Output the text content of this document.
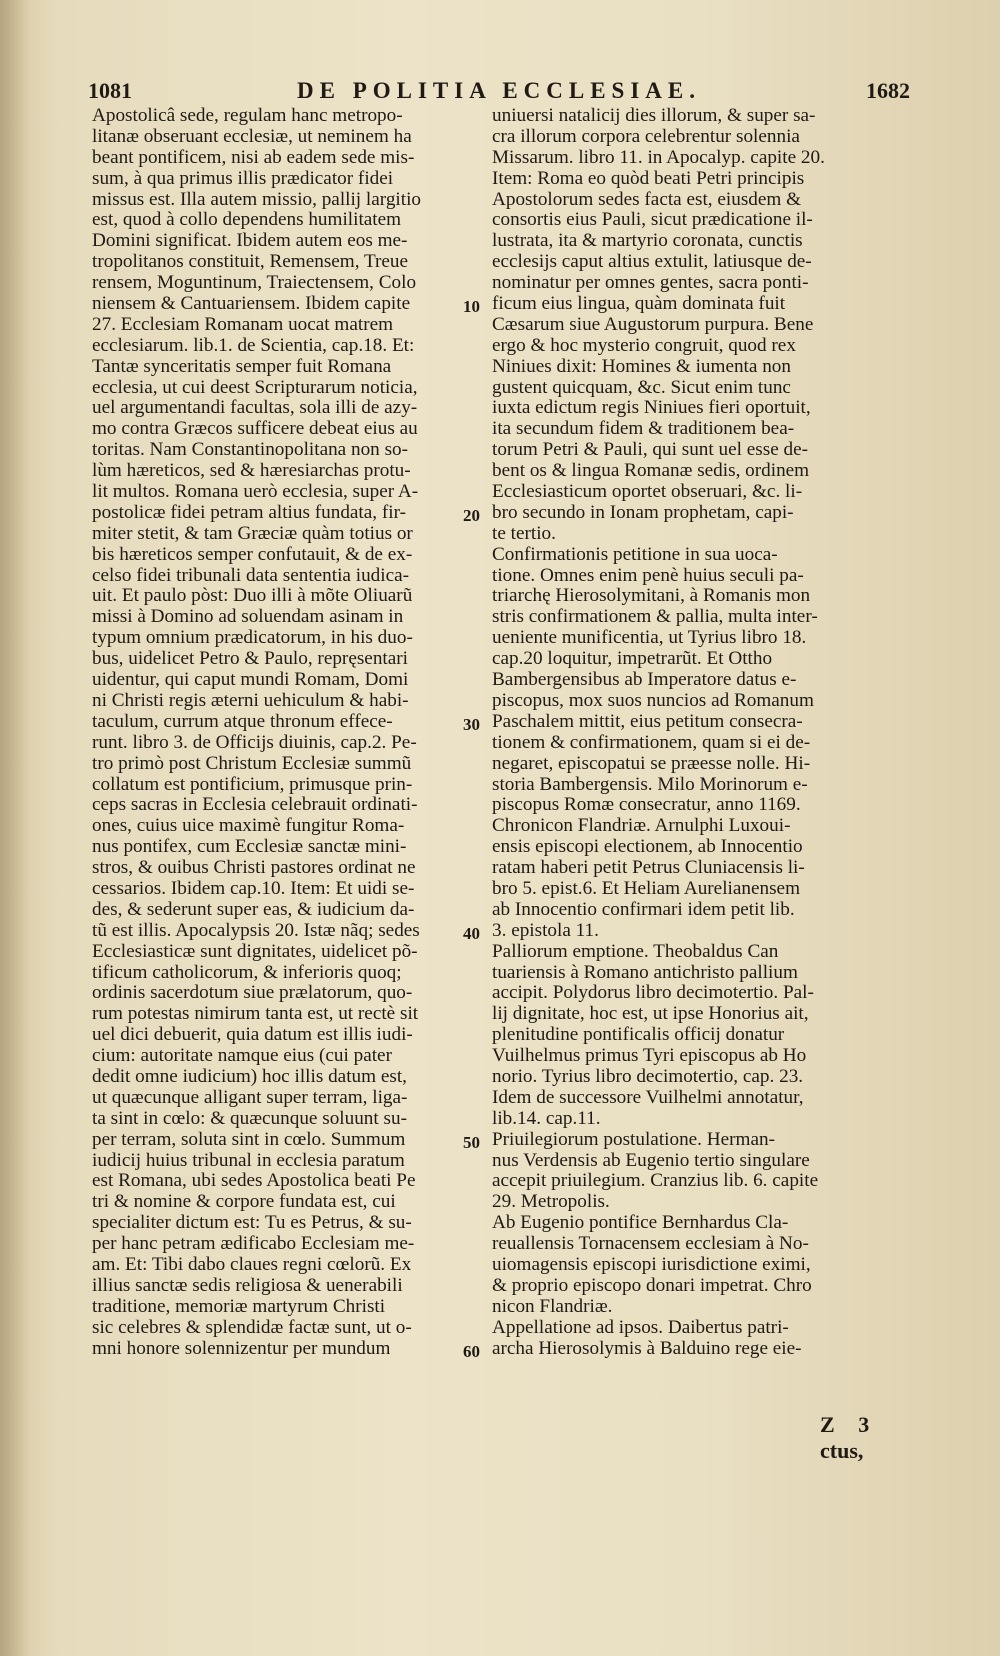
1081	DE POLITIA ECCLESIAE.	1682
Apostolicâ sede, regulam hanc metropo-
litanæ obseruant ecclesiæ, ut neminem ha
beant pontificem, nisi ab eadem sede mis-
sum, à qua primus illis prædicator fidei
missus est. Illa autem missio, pallij largitio
est, quod à collo dependens humilitatem
Domini significat. Ibidem autem eos me-
tropolitanos constituit, Remensem, Treue
rensem, Moguntinum, Traiectensem, Colo
niensem & Cantuariensem. Ibidem capite
27. Ecclesiam Romanam uocat matrem
ecclesiarum. lib.1. de Scientia, cap.18. Et:
Tantæ synceritatis semper fuit Romana
ecclesia, ut cui deest Scripturarum noticia,
uel argumentandi facultas, sola illi de azy-
mo contra Græcos sufficere debeat eius au
toritas. Nam Constantinopolitana non so-
lùm hæreticos, sed & hæresiarchas protu-
lit multos. Romana uerò ecclesia, super A-
postolicæ fidei petram altius fundata, fir-
miter stetit, & tam Græciæ quàm totius or
bis hæreticos semper confutauit, & de ex-
celso fidei tribunali data sententia iudica-
uit. Et paulo pòst: Duo illi à mõte Oliuarũ
missi à Domino ad soluendam asinam in
typum omnium prædicatorum, in his duo-
bus, uidelicet Petro & Paulo, repręsentari
uidentur, qui caput mundi Romam, Domi
ni Christi regis æterni uehiculum & habi-
taculum, currum atque thronum effece-
runt. libro 3. de Officijs diuinis, cap.2. Pe-
tro primò post Christum Ecclesiæ summũ
collatum est pontificium, primusque prin-
ceps sacras in Ecclesia celebrauit ordinati-
ones, cuius uice maximè fungitur Roma-
nus pontifex, cum Ecclesiæ sanctæ mini-
stros, & ouibus Christi pastores ordinat ne
cessarios. Ibidem cap.10. Item: Et uidi se-
des, & sederunt super eas, & iudicium da-
tũ est illis. Apocalypsis 20. Istæ nãq; sedes
Ecclesiasticæ sunt dignitates, uidelicet põ-
tificum catholicorum, & inferioris quoq;
ordinis sacerdotum siue prælatorum, quo-
rum potestas nimirum tanta est, ut rectè sit
uel dici debuerit, quia datum est illis iudi-
cium: autoritate namque eius (cui pater
dedit omne iudicium) hoc illis datum est,
ut quæcunque alligant super terram, liga-
ta sint in cœlo: & quæcunque soluunt su-
per terram, soluta sint in cœlo. Summum
iudicij huius tribunal in ecclesia paratum
est Romana, ubi sedes Apostolica beati Pe
tri & nomine & corpore fundata est, cui
specialiter dictum est: Tu es Petrus, & su-
per hanc petram ædificabo Ecclesiam me-
am. Et: Tibi dabo claues regni cœlorũ. Ex
illius sanctæ sedis religiosa & uenerabili
traditione, memoriæ martyrum Christi
sic celebres & splendidæ factæ sunt, ut o-
mni honore solennizentur per mundum
uniuersi natalicij dies illorum, & super sa-
cra illorum corpora celebrentur solennia
Missarum. libro 11. in Apocalyp. capite 20.
Item: Roma eo quòd beati Petri principis
Apostolorum sedes facta est, eiusdem &
consortis eius Pauli, sicut prædicatione il-
lustrata, ita & martyrio coronata, cunctis
ecclesijs caput altius extulit, latiusque de-
nominatur per omnes gentes, sacra ponti-
ficum eius lingua, quàm dominata fuit
Cæsarum siue Augustorum purpura. Bene
ergo & hoc mysterio congruit, quod rex
Niniues dixit: Homines & iumenta non
gustent quicquam, &c. Sicut enim tunc
iuxta edictum regis Niniues fieri oportuit,
ita secundum fidem & traditionem bea-
torum Petri & Pauli, qui sunt uel esse de-
bent os & lingua Romanæ sedis, ordinem
Ecclesiasticum oportet obseruari, &c. li-
bro secundo in Ionam prophetam, capi-
te tertio.
Confirmationis petitione in sua uoca-
tione. Omnes enim penè huius seculi pa-
triarchę Hierosolymitani, à Romanis mon
stris confirmationem & pallia, multa inter-
ueniente munificentia, ut Tyrius libro 18.
cap.20 loquitur, impetrarũt. Et Ottho
Bambergensibus ab Imperatore datus e-
piscopus, mox suos nuncios ad Romanum
Paschalem mittit, eius petitum consecra-
tionem & confirmationem, quam si ei de-
negaret, episcopatui se præesse nolle. Hi-
storia Bambergensis. Milo Morinorum e-
piscopus Romæ consecratur, anno 1169.
Chronicon Flandriæ. Arnulphi Luxoui-
ensis episcopi electionem, ab Innocentio
ratam haberi petit Petrus Cluniacensis li-
bro 5. epist.6. Et Heliam Aurelianensem
ab Innocentio confirmari idem petit lib.
3. epistola 11.
Palliorum emptione. Theobaldus Can
tuariensis à Romano antichristo pallium
accipit. Polydorus libro decimotertio. Pal-
lij dignitate, hoc est, ut ipse Honorius ait,
plenitudine pontificalis officij donatur
Vuilhelmus primus Tyri episcopus ab Ho
norio. Tyrius libro decimotertio, cap. 23.
Idem de successore Vuilhelmi annotatur,
lib.14. cap.11.
Priuilegiorum postulatione. Herman-
nus Verdensis ab Eugenio tertio singulare
accepit priuilegium. Cranzius lib. 6. capite
29. Metropolis.
Ab Eugenio pontifice Bernhardus Cla-
reuallensis Tornacensem ecclesiam à No-
uiomagensis episcopi iurisdictione eximi,
& proprio episcopo donari impetrat. Chro
nicon Flandriæ.
Appellatione ad ipsos. Daibertus patri-
archa Hierosolymis à Balduino rege eie-
10
20
30
40
50
60
Z 3 ctus,
